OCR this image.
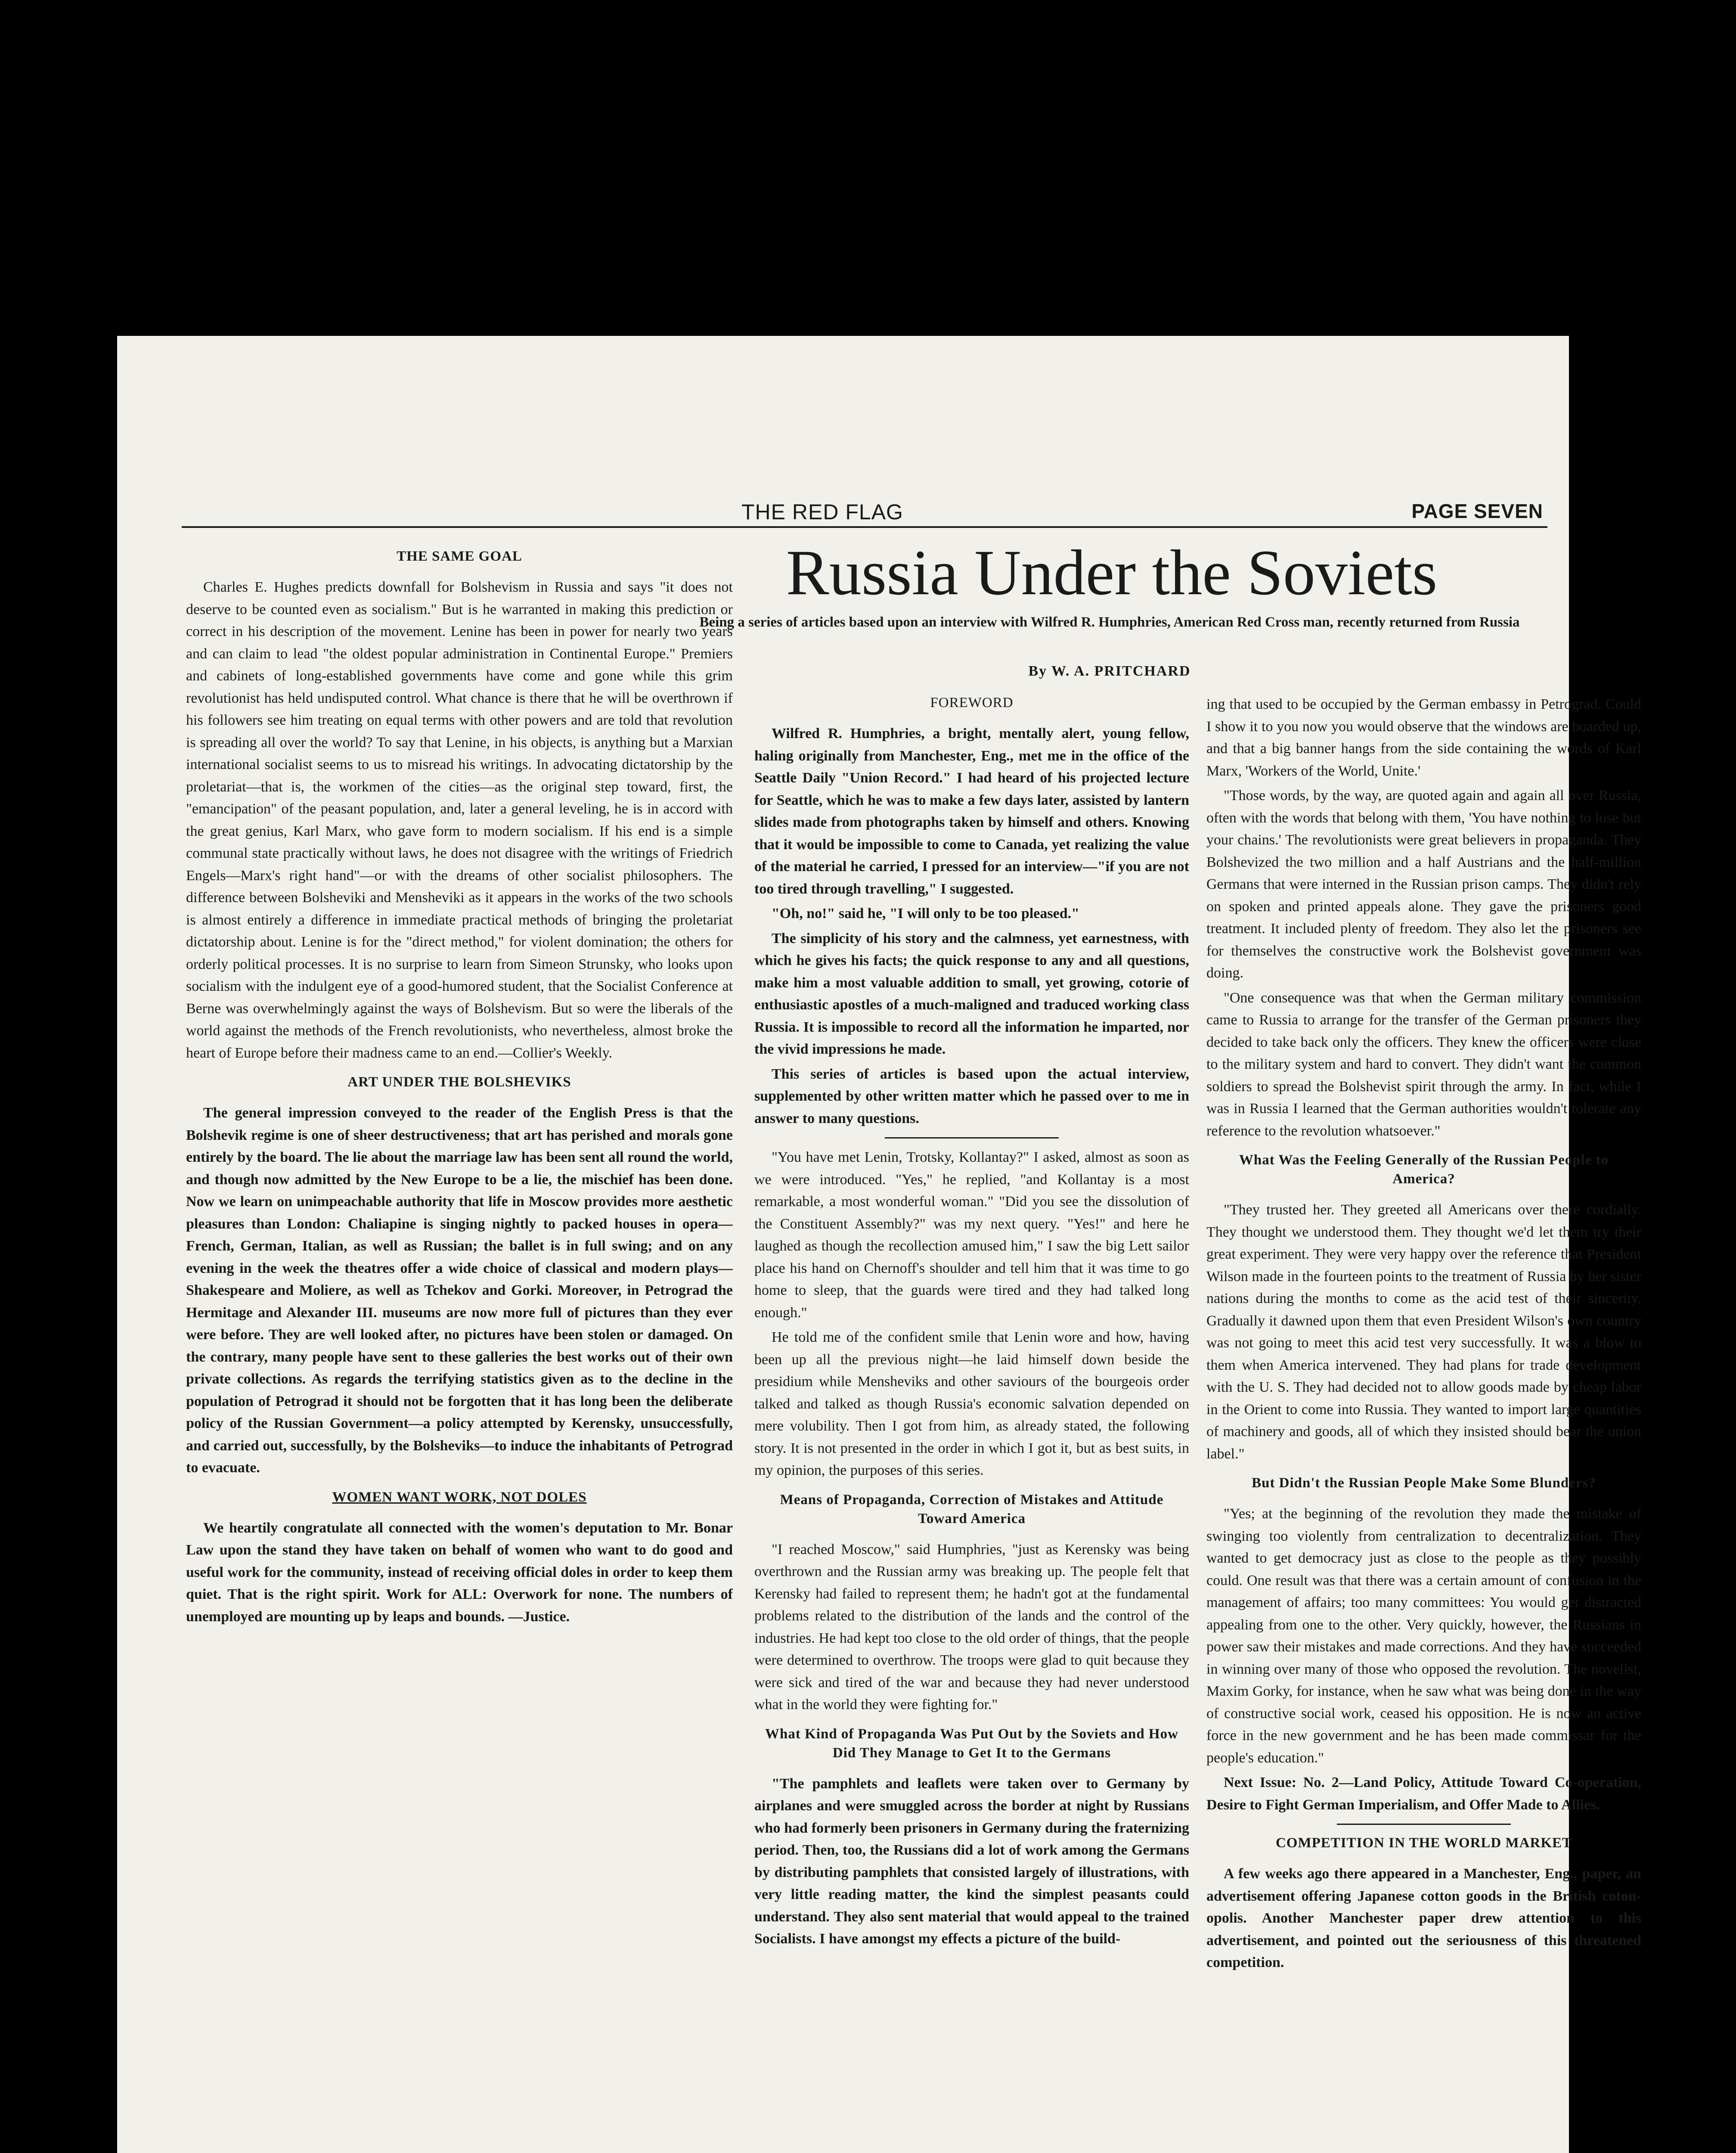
THE RED FLAG	PAGE SEVEN
Russia Under the Soviets
Being a series of articles based upon an interview with Wilfred R. Humphries, American Red Cross man, recently returned from Russia
By W. A. PRITCHARD
THE SAME GOAL

Charles E. Hughes predicts downfall for Bolshevism in Russia and says "it does not deserve to be counted even as socialism." But is he warranted in making this prediction or correct in his description of the movement. Lenine has been in power for nearly two years and can claim to lead "the oldest popular administration in Continental Europe." Premiers and cabinets of long-established governments have come and gone while this grim revolutionist has held undisputed control. What chance is there that he will be overthrown if his followers see him treating on equal terms with other powers and are told that revolution is spreading all over the world? To say that Lenine, in his objects, is anything but a Marxian international socialist seems to us to misread his writings. In advocating dictatorship by the proletariat—that is, the workmen of the cities—as the original step toward, first, the "emancipation" of the peasant population, and, later a general leveling, he is in accord with the great genius, Karl Marx, who gave form to modern socialism. If his end is a simple communal state practically without laws, he does not disagree with the writings of Friedrich Engels—Marx's right hand"—or with the dreams of other socialist philosophers. The difference between Bolsheviki and Mensheviki as it appears in the works of the two schools is almost entirely a difference in immediate practical methods of bringing the proletariat dictatorship about. Lenine is for the "direct method," for violent domination; the others for orderly political processes. It is no surprise to learn from Simeon Strunsky, who looks upon socialism with the indulgent eye of a good-humored student, that the Socialist Conference at Berne was overwhelmingly against the ways of Bolshevism. But so were the liberals of the world against the methods of the French revolutionists, who nevertheless, almost broke the heart of Europe before their madness came to an end.—Collier's Weekly.

ART UNDER THE BOLSHEVIKS

The general impression conveyed to the reader of the English Press is that the Bolshevik regime is one of sheer destructiveness; that art has perished and morals gone entirely by the board. The lie about the marriage law has been sent all round the world, and though now admitted by the New Europe to be a lie, the mischief has been done. Now we learn on unimpeachable authority that life in Moscow provides more aesthetic pleasures than London: Chaliapine is singing nightly to packed houses in opera—French, German, Italian, as well as Russian; the ballet is in full swing; and on any evening in the week the theatres offer a wide choice of classical and modern plays—Shakespeare and Moliere, as well as Tchekov and Gorki. Moreover, in Petrograd the Hermitage and Alexander III. museums are now more full of pictures than they ever were before. They are well looked after, no pictures have been stolen or damaged. On the contrary, many people have sent to these galleries the best works out of their own private collections. As regards the terrifying statistics given as to the decline in the population of Petrograd it should not be forgotten that it has long been the deliberate policy of the Russian Government—a policy attempted by Kerensky, unsuccessfully, and carried out, successfully, by the Bolsheviks—to induce the inhabitants of Petrograd to evacuate.

WOMEN WANT WORK, NOT DOLES

We heartily congratulate all connected with the women's deputation to Mr. Bonar Law upon the stand they have taken on behalf of women who want to do good and useful work for the community, instead of receiving official doles in order to keep them quiet. That is the right spirit. Work for ALL: Overwork for none. The numbers of unemployed are mounting up by leaps and bounds. —Justice.

FOREWORD

Wilfred R. Humphries, a bright, mentally alert, young fellow, haling originally from Manchester, Eng., met me in the office of the Seattle Daily "Union Record." I had heard of his projected lecture for Seattle, which he was to make a few days later, assisted by lantern slides made from photographs taken by himself and others. Knowing that it would be impossible to come to Canada, yet realizing the value of the material he carried, I pressed for an interview—"if you are not too tired through travelling," I suggested.

"Oh, no!" said he, "I will only to be too pleased."

The simplicity of his story and the calmness, yet earnestness, with which he gives his facts; the quick response to any and all questions, make him a most valuable addition to small, yet growing, cotorie of enthusiastic apostles of a much-maligned and traduced working class Russia. It is impossible to record all the information he imparted, nor the vivid impressions he made.

This series of articles is based upon the actual interview, supplemented by other written matter which he passed over to me in answer to many questions.

"You have met Lenin, Trotsky, Kollantay?" I asked, almost as soon as we were introduced. "Yes," he replied, "and Kollantay is a most remarkable, a most wonderful woman." "Did you see the dissolution of the Constituent Assembly?" was my next query. "Yes!" and here he laughed as though the recollection amused him," I saw the big Lett sailor place his hand on Chernoff's shoulder and tell him that it was time to go home to sleep, that the guards were tired and they had talked long enough."

He told me of the confident smile that Lenin wore and how, having been up all the previous night—he laid himself down beside the presidium while Mensheviks and other saviours of the bourgeois order talked and talked as though Russia's economic salvation depended on mere volubility. Then I got from him, as already stated, the following story. It is not presented in the order in which I got it, but as best suits, in my opinion, the purposes of this series.

Means of Propaganda, Correction of Mistakes and Attitude Toward America

"I reached Moscow," said Humphries, "just as Kerensky was being overthrown and the Russian army was breaking up. The people felt that Kerensky had failed to represent them; he hadn't got at the fundamental problems related to the distribution of the lands and the control of the industries. He had kept too close to the old order of things, that the people were determined to overthrow. The troops were glad to quit because they were sick and tired of the war and because they had never understood what in the world they were fighting for."

What Kind of Propaganda Was Put Out by the Soviets and How Did They Manage to Get It to the Germans

"The pamphlets and leaflets were taken over to Germany by airplanes and were smuggled across the border at night by Russians who had formerly been prisoners in Germany during the fraternizing period. Then, too, the Russians did a lot of work among the Germans by distributing pamphlets that consisted largely of illustrations, with very little reading matter, the kind the simplest peasants could understand. They also sent material that would appeal to the trained Socialists. I have amongst my effects a picture of the build-

ing that used to be occupied by the German embassy in Petrograd. Could I show it to you now you would observe that the windows are boarded up, and that a big banner hangs from the side containing the words of Karl Marx, 'Workers of the World, Unite.'

"Those words, by the way, are quoted again and again all over Russia, often with the words that belong with them, 'You have nothing to lose but your chains.' The revolutionists were great believers in propaganda. They Bolshevized the two million and a half Austrians and the half-million Germans that were interned in the Russian prison camps. They didn't rely on spoken and printed appeals alone. They gave the prisoners good treatment. It included plenty of freedom. They also let the prisoners see for themselves the constructive work the Bolshevist government was doing.

"One consequence was that when the German military commission came to Russia to arrange for the transfer of the German prisoners they decided to take back only the officers. They knew the officers were close to the military system and hard to convert. They didn't want the common soldiers to spread the Bolshevist spirit through the army. In fact, while I was in Russia I learned that the German authorities wouldn't tolerate any reference to the revolution whatsoever."

What Was the Feeling Generally of the Russian People to America?

"They trusted her. They greeted all Americans over there cordially. They thought we understood them. They thought we'd let them try their great experiment. They were very happy over the reference that President Wilson made in the fourteen points to the treatment of Russia by her sister nations during the months to come as the acid test of their sincerity. Gradually it dawned upon them that even President Wilson's own country was not going to meet this acid test very successfully. It was a blow to them when America intervened. They had plans for trade development with the U. S. They had decided not to allow goods made by cheap labor in the Orient to come into Russia. They wanted to import large quantities of machinery and goods, all of which they insisted should bear the union label."

But Didn't the Russian People Make Some Blunders?

"Yes; at the beginning of the revolution they made the mistake of swinging too violently from centralization to decentralization. They wanted to get democracy just as close to the people as they possibly could. One result was that there was a certain amount of confusion in the management of affairs; too many committees: You would get distracted appealing from one to the other. Very quickly, however, the Russians in power saw their mistakes and made corrections. And they have succeeded in winning over many of those who opposed the revolution. The novelist, Maxim Gorky, for instance, when he saw what was being done in the way of constructive social work, ceased his opposition. He is now an active force in the new government and he has been made commissar for the people's education."

Next Issue: No. 2—Land Policy, Attitude Toward Co-operation, Desire to Fight German Imperialism, and Offer Made to Allies.

COMPETITION IN THE WORLD MARKET

A few weeks ago there appeared in a Manchester, Eng., paper, an advertisement offering Japanese cotton goods in the British coton-opolis. Another Manchester paper drew attention to this advertisement, and pointed out the seriousness of this threatened competition.
